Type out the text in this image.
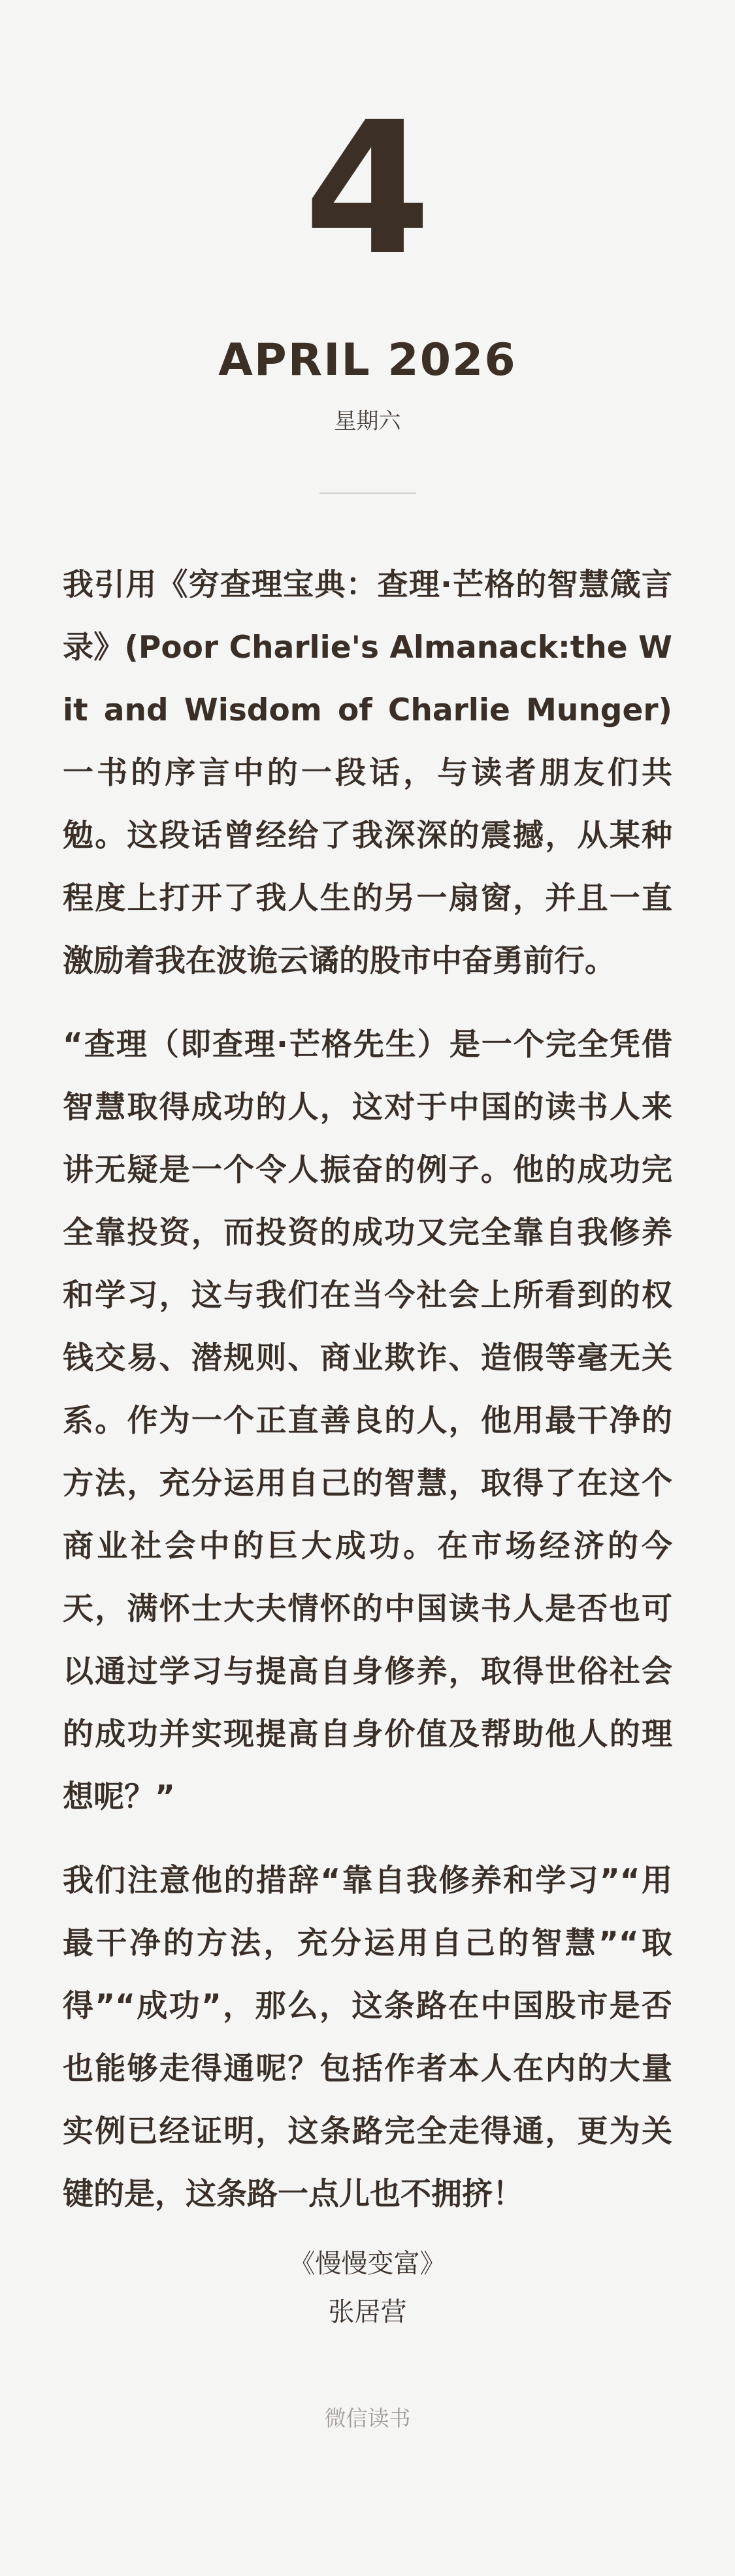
4
APRIL 2026
星期六

我引用《穷查理宝典：查理·芒格的智慧箴言录》(Poor Charlie's Almanack:the Wit and Wisdom of Charlie Munger)一书的序言中的一段话，与读者朋友们共勉。这段话曾经给了我深深的震撼，从某种程度上打开了我人生的另一扇窗，并且一直激励着我在波诡云谲的股市中奋勇前行。

“查理（即查理·芒格先生）是一个完全凭借智慧取得成功的人，这对于中国的读书人来讲无疑是一个令人振奋的例子。他的成功完全靠投资，而投资的成功又完全靠自我修养和学习，这与我们在当今社会上所看到的权钱交易、潜规则、商业欺诈、造假等毫无关系。作为一个正直善良的人，他用最干净的方法，充分运用自己的智慧，取得了在这个商业社会中的巨大成功。在市场经济的今天，满怀士大夫情怀的中国读书人是否也可以通过学习与提高自身修养，取得世俗社会的成功并实现提高自身价值及帮助他人的理想呢？”

我们注意他的措辞“靠自我修养和学习”“用最干净的方法，充分运用自己的智慧”“取得”“成功”，那么，这条路在中国股市是否也能够走得通呢？包括作者本人在内的大量实例已经证明，这条路完全走得通，更为关键的是，这条路一点儿也不拥挤！

《慢慢变富》
张居营
微信读书
